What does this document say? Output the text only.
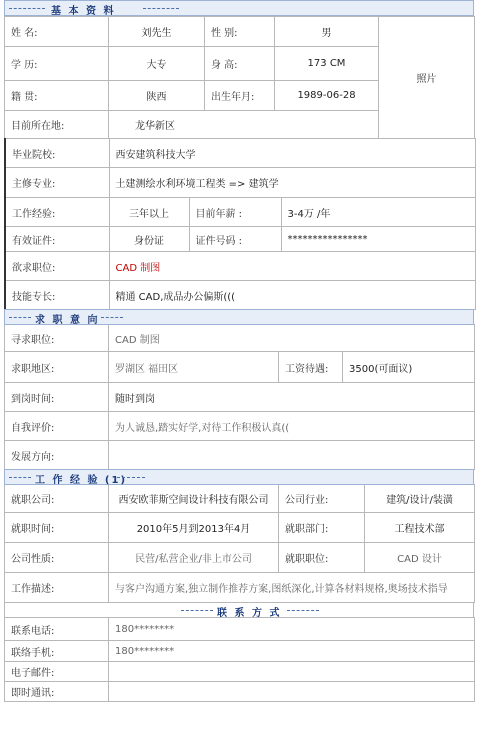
基 本 资 料
姓 名:	刘先生	性 别:	男	照片
学 历:	大专	身 高:	173 CM	
籍 贯:	陕西	出生年月:	1989-06-28	
目前所在地:	龙华新区			
毕业院校:	西安建筑科技大学		
主修专业:	土建测绘水利环境工程类 => 建筑学		
工作经验:	三年以上	目前年薪 :	3-4万 /年
有效证件:	身份证	证件号码 :	****************
欲求职位:	CAD 制图		
技能专长:	精通 CAD,成品办公偏斯(((		
求 职 意 向
寻求职位:	CAD 制图		
求职地区:	罗湖区 福田区	工资待遇:	3500(可面议)
到岗时间:	随时到岗		
自我评价:	为人诚恳,踏实好学,对待工作积极认真((		
发展方向:			
工 作 经 验 (1)
就职公司:	西安欧菲斯空间设计科技有限公司	公司行业:	建筑/设计/装潢
就职时间:	2010年5月到2013年4月	就职部门:	工程技术部
公司性质:	民营/私营企业/非上市公司	就职职位:	CAD 设计
工作描述:	与客户沟通方案,独立制作推荐方案,图纸深化,计算各材料规格,奥场技术指导		
联 系 方 式
联系电话:	180********
联络手机:	180********
电子邮件:	
即时通讯:	
